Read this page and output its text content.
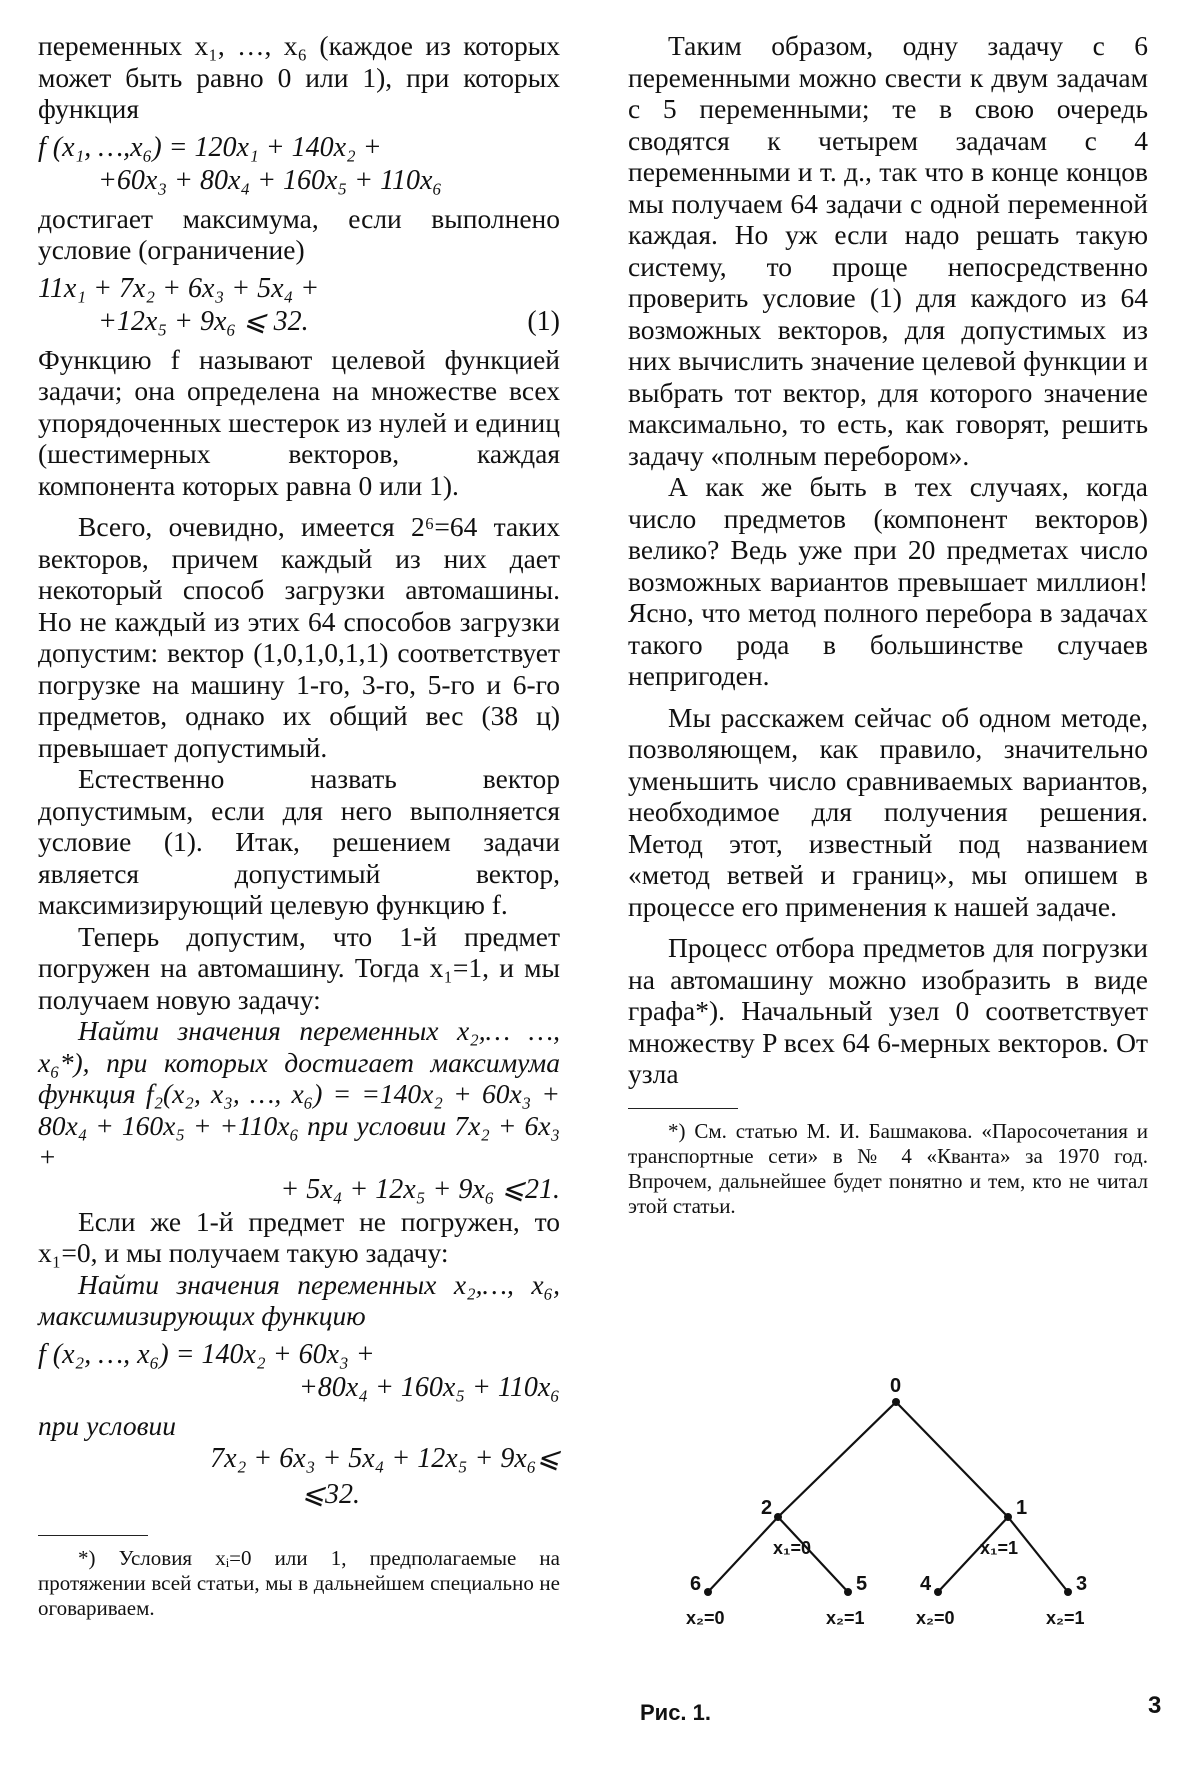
переменных x₁, …, x₆ (каждое из которых может быть равно 0 или 1), при которых функция

f (x₁, …,x₆) = 120x₁ + 140x₂ +
+60x₃ + 80x₄ + 160x₅ + 110x₆

достигает максимума, если выполнено условие (ограничение)

11x₁ + 7x₂ + 6x₃ + 5x₄ +
+12x₅ + 9x₆ ⩽ 32.	(1)

Функцию f называют целевой функцией задачи; она определена на множестве всех упорядоченных шестерок из нулей и единиц (шестимерных векторов, каждая компонента которых равна 0 или 1).

Всего, очевидно, имеется 2⁶=64 таких векторов, причем каждый из них дает некоторый способ загрузки автомашины. Но не каждый из этих 64 способов загрузки допустим: вектор (1,0,1,0,1,1) соответствует погрузке на машину 1-го, 3-го, 5-го и 6-го предметов, однако их общий вес (38 ц) превышает допустимый.

Естественно назвать вектор допустимым, если для него выполняется условие (1). Итак, решением задачи является допустимый вектор, максимизирующий целевую функцию f.

Теперь допустим, что 1-й предмет погружен на автомашину. Тогда x₁=1, и мы получаем новую задачу:

Найти значения переменных x₂,… …, x₆*), при которых достигает максимума функция f₂(x₂, x₃, …, x₆) = =140x₂ + 60x₃ + 80x₄ + 160x₅ + +110x₆ при условии 7x₂ + 6x₃ +
+ 5x₄ + 12x₅ + 9x₆ ⩽21.

Если же 1-й предмет не погружен, то x₁=0, и мы получаем такую задачу:

Найти значения переменных x₂,…, x₆, максимизирующих функцию
f (x₂, …, x₆) = 140x₂ + 60x₃ +
+80x₄ + 160x₅ + 110x₆
при условии
7x₂ + 6x₃ + 5x₄ + 12x₅ + 9x₆⩽
⩽32.
*) Условия xᵢ=0 или 1, предполагаемые на протяжении всей статьи, мы в дальнейшем специально не оговариваем.

Таким образом, одну задачу с 6 переменными можно свести к двум задачам с 5 переменными; те в свою очередь сводятся к четырем задачам с 4 переменными и т. д., так что в конце концов мы получаем 64 задачи с одной переменной каждая. Но уж если надо решать такую систему, то проще непосредственно проверить условие (1) для каждого из 64 возможных векторов, для допустимых из них вычислить значение целевой функции и выбрать тот вектор, для которого значение максимально, то есть, как говорят, решить задачу «полным перебором».

А как же быть в тех случаях, когда число предметов (компонент векторов) велико? Ведь уже при 20 предметах число возможных вариантов превышает миллион! Ясно, что метод полного перебора в задачах такого рода в большинстве случаев непригоден.

Мы расскажем сейчас об одном методе, позволяющем, как правило, значительно уменьшить число сравниваемых вариантов, необходимое для получения решения. Метод этот, известный под названием «метод ветвей и границ», мы опишем в процессе его применения к нашей задаче.

Процесс отбора предметов для погрузки на автомашину можно изобразить в виде графа*). Начальный узел 0 соответствует множеству P всех 64 6-мерных векторов. От узла

*) См. статью М. И. Башмакова. «Паросочетания и транспортные сети» в № 4 «Кванта» за 1970 год. Впрочем, дальнейшее будет понятно и тем, кто не читал этой статьи.
0
2	1
6	5	4	3
x₁=0	x₁=1
x₂=0	x₂=1	x₂=0	x₂=1
Рис. 1.	3
